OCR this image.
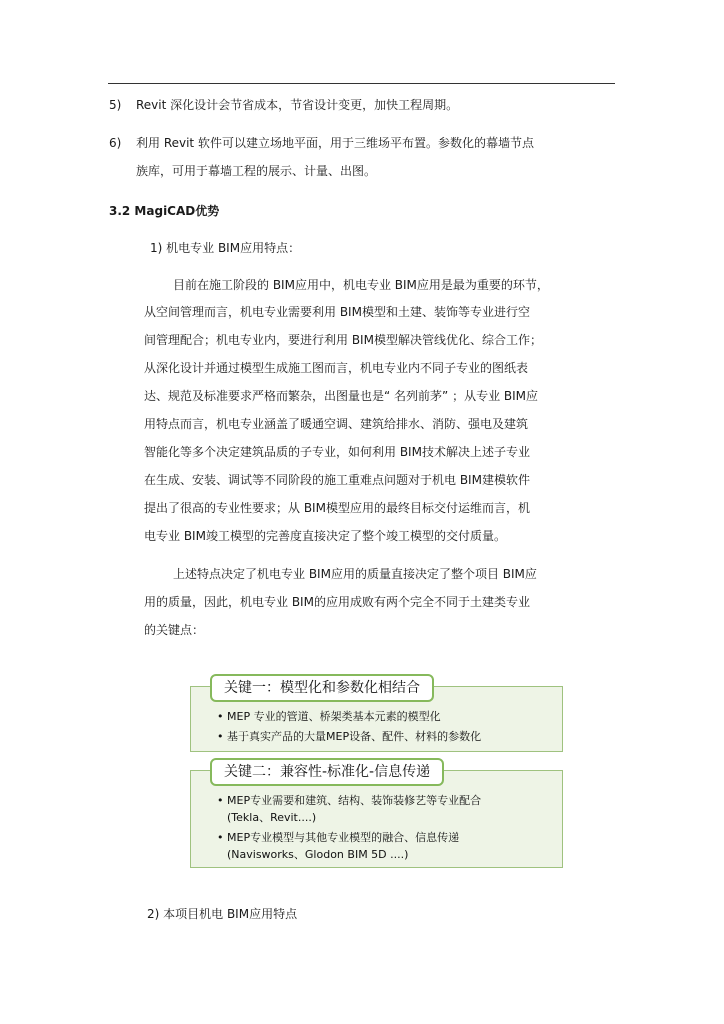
5) Revit 深化设计会节省成本，节省设计变更，加快工程周期。
6) 利用 Revit 软件可以建立场地平面，用于三维场平布置。参数化的幕墙节点
族库，可用于幕墙工程的展示、计量、出图。
3.2 MagiCAD优势
1) 机电专业 BIM应用特点：
目前在施工阶段的 BIM应用中，机电专业 BIM应用是最为重要的环节，
从空间管理而言，机电专业需要利用 BIM模型和土建、装饰等专业进行空
间管理配合；机电专业内，要进行利用 BIM模型解决管线优化、综合工作；
从深化设计并通过模型生成施工图而言，机电专业内不同子专业的图纸表
达、规范及标准要求严格而繁杂，出图量也是“ 名列前茅” ；从专业 BIM应
用特点而言，机电专业涵盖了暖通空调、建筑给排水、消防、强电及建筑
智能化等多个决定建筑品质的子专业，如何利用 BIM技术解决上述子专业
在生成、安装、调试等不同阶段的施工重难点问题对于机电 BIM建模软件
提出了很高的专业性要求；从 BIM模型应用的最终目标交付运维而言，机
电专业 BIM竣工模型的完善度直接决定了整个竣工模型的交付质量。
上述特点决定了机电专业 BIM应用的质量直接决定了整个项目 BIM应
用的质量，因此，机电专业 BIM的应用成败有两个完全不同于土建类专业
的关键点：
关键一：模型化和参数化相结合
• MEP 专业的管道、桥架类基本元素的模型化
• 基于真实产品的大量MEP设备、配件、材料的参数化
关键二：兼容性-标准化-信息传递
• MEP专业需要和建筑、结构、装饰装修艺等专业配合
(Tekla、Revit....)
• MEP专业模型与其他专业模型的融合、信息传递
(Navisworks、Glodon BIM 5D ....)
2) 本项目机电 BIM应用特点
